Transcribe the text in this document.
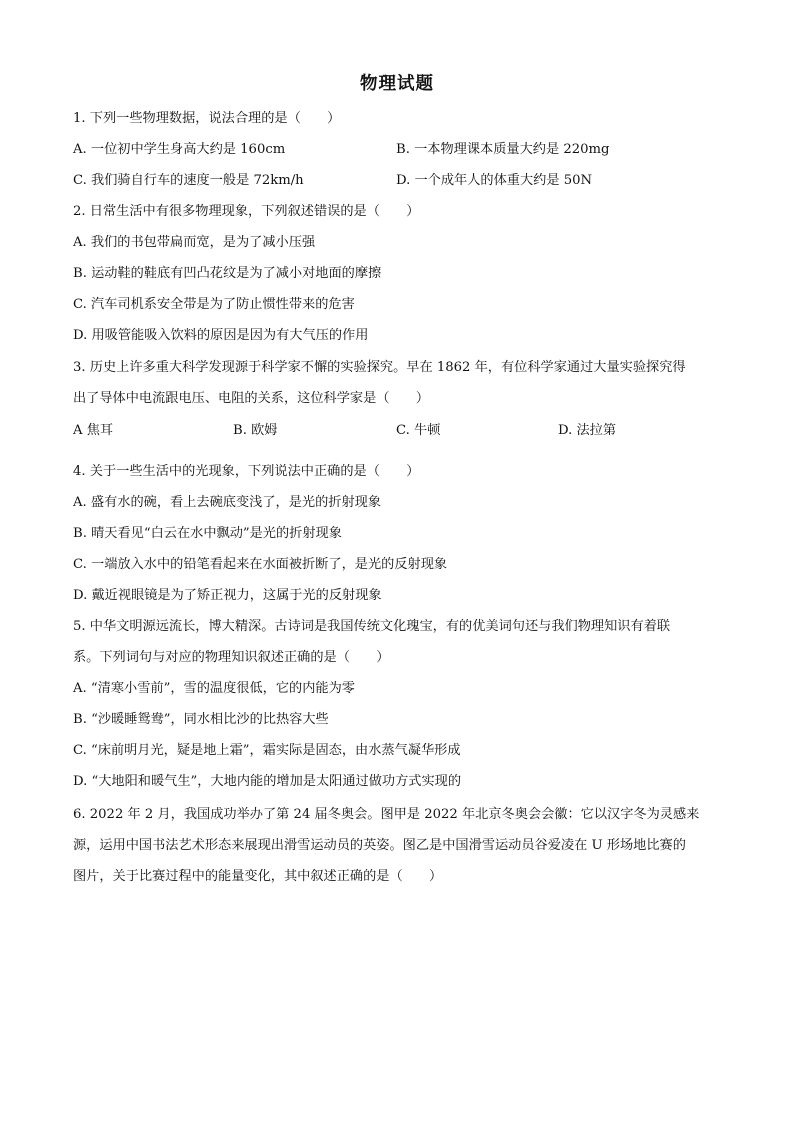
物理试题
1. 下列一些物理数据，说法合理的是（　　）
A. 一位初中学生身高大约是 160cm	B. 一本物理课本质量大约是 220mg
C. 我们骑自行车的速度一般是 72km/h	D. 一个成年人的体重大约是 50N
2. 日常生活中有很多物理现象，下列叙述错误的是（　　）
A. 我们的书包带扁而宽，是为了减小压强
B. 运动鞋的鞋底有凹凸花纹是为了减小对地面的摩擦
C. 汽车司机系安全带是为了防止惯性带来的危害
D. 用吸管能吸入饮料的原因是因为有大气压的作用
3. 历史上许多重大科学发现源于科学家不懈的实验探究。早在 1862 年，有位科学家通过大量实验探究得
出了导体中电流跟电压、电阻的关系，这位科学家是（　　）
A 焦耳	B. 欧姆	C. 牛顿	D. 法拉第
4. 关于一些生活中的光现象，下列说法中正确的是（　　）
A. 盛有水的碗，看上去碗底变浅了，是光的折射现象
B. 晴天看见“白云在水中飘动”是光的折射现象
C. 一端放入水中的铅笔看起来在水面被折断了，是光的反射现象
D. 戴近视眼镜是为了矫正视力，这属于光的反射现象
5. 中华文明源远流长，博大精深。古诗词是我国传统文化瑰宝，有的优美词句还与我们物理知识有着联
系。下列词句与对应的物理知识叙述正确的是（　　）
A. “清寒小雪前”，雪的温度很低，它的内能为零
B. “沙暖睡鸳鸯”，同水相比沙的比热容大些
C. “床前明月光，疑是地上霜”，霜实际是固态，由水蒸气凝华形成
D. “大地阳和暖气生”，大地内能的增加是太阳通过做功方式实现的
6. 2022 年 2 月，我国成功举办了第 24 届冬奥会。图甲是 2022 年北京冬奥会会徽：它以汉字冬为灵感来
源，运用中国书法艺术形态来展现出滑雪运动员的英姿。图乙是中国滑雪运动员谷爱凌在 U 形场地比赛的
图片，关于比赛过程中的能量变化，其中叙述正确的是（　　）
